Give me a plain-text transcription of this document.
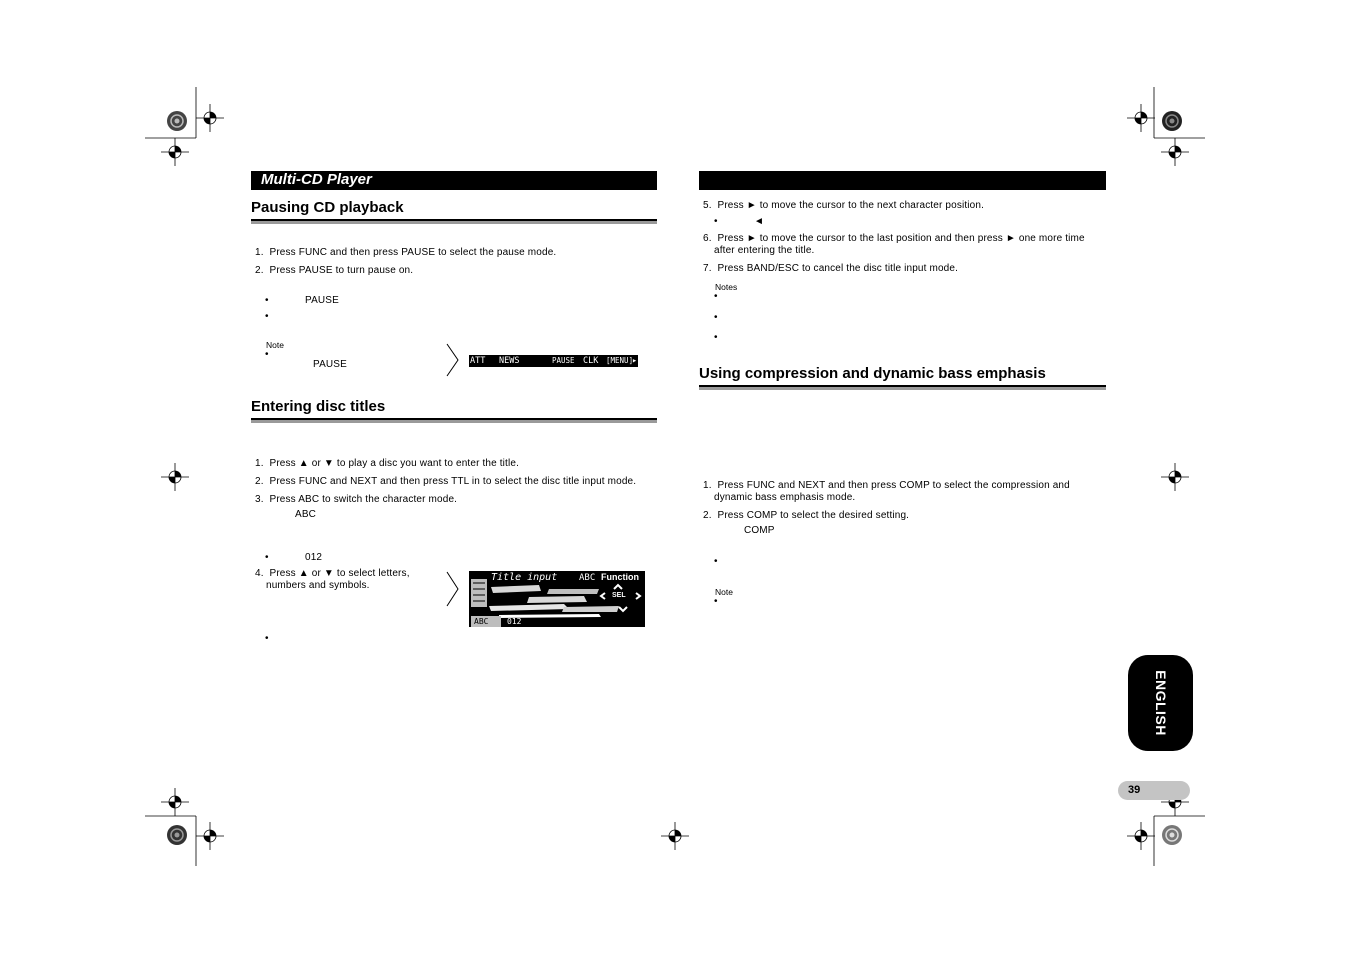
Multi-CD Player
Pausing CD playback
1. Press FUNC and then press PAUSE to select the pause mode.
2. Press PAUSE to turn pause on.
•	PAUSE
•
Note
•
PAUSE	ATT NEWS	PAUSE CLK [MENU]
▸
Entering disc titles
1. Press ▲ or ▼ to play a disc you want to enter the title.
2. Press FUNC and NEXT and then press TTL in to select the disc title input mode.
3. Press ABC to switch the character mode.
ABC
•	012
4. Press ▲ or ▼ to select letters,
numbers and symbols.
Title input ABC Function
SEL
ABC 012
•
5. Press ► to move the cursor to the next character position.
•	◄
6. Press ► to move the cursor to the last position and then press ► one more time
after entering the title.
7. Press BAND/ESC to cancel the disc title input mode.
Notes
•
•
•
Using compression and dynamic bass emphasis
1. Press FUNC and NEXT and then press COMP to select the compression and
dynamic bass emphasis mode.
2. Press COMP to select the desired setting.
COMP
•
Note
•
ENGLISH
39
